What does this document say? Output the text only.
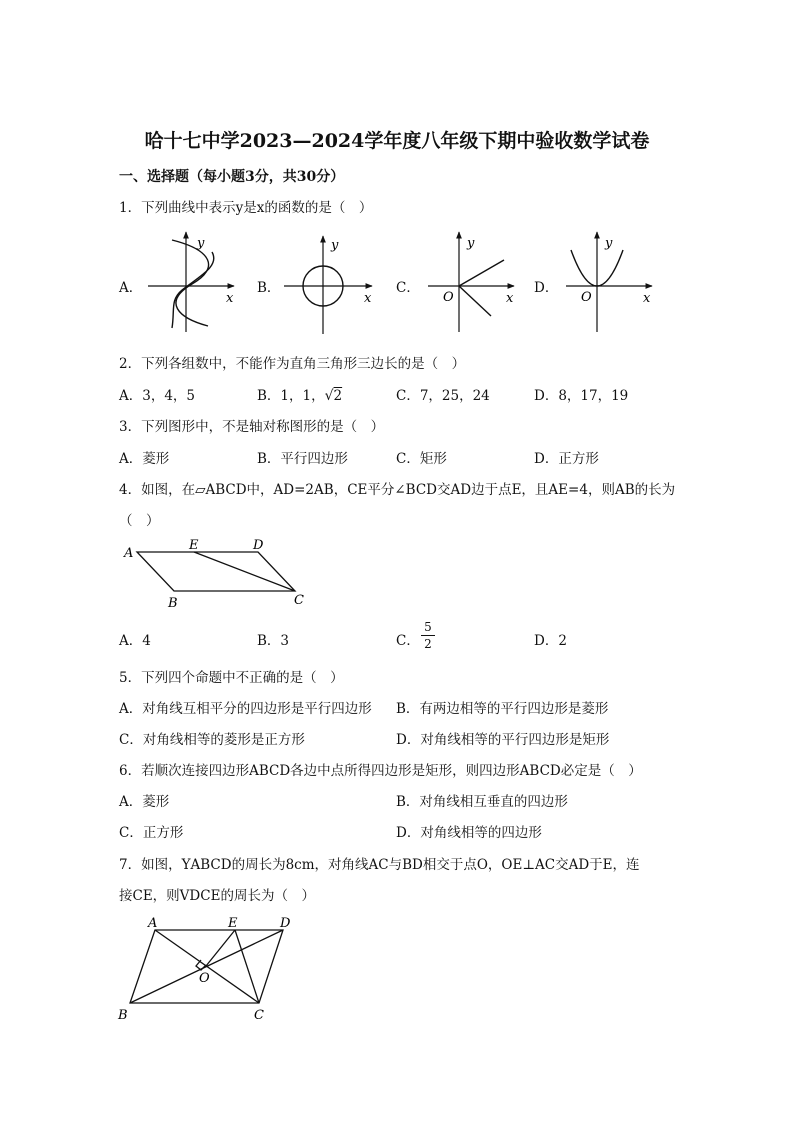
哈十七中学2023—2024学年度八年级下期中验收数学试卷
一、选择题（每小题3分，共30分）
1．下列曲线中表示y是x的函数的是（　）
A．	B．	C．	D．
y
x
y
x
y
x
O
y
x
O
2．下列各组数中，不能作为直角三角形三边长的是（　）
A．3，4，5	B．1，1，√2	C．7，25，24	D．8，17，19
3．下列图形中，不是轴对称图形的是（　）
A．菱形	B．平行四边形	C．矩形	D．正方形
4．如图，在▱ABCD中，AD=2AB，CE平分∠BCD交AD边于点E，且AE=4，则AB的长为
（　）
A
E	D
B	C
A．4	B．3	C．
5
2	D．2
5．下列四个命题中不正确的是（　）
A．对角线互相平分的四边形是平行四边形 B．有两边相等的平行四边形是菱形
C．对角线相等的菱形是正方形	D．对角线相等的平行四边形是矩形
6．若顺次连接四边形ABCD各边中点所得四边形是矩形，则四边形ABCD必定是（　）
A．菱形	B．对角线相互垂直的四边形
C．正方形	D．对角线相等的四边形
7．如图，ΥABCD的周长为8cm，对角线AC与BD相交于点O，OE⊥AC交AD于E，连
接CE，则VDCE的周长为（　）
A	E	D
O
B	C
